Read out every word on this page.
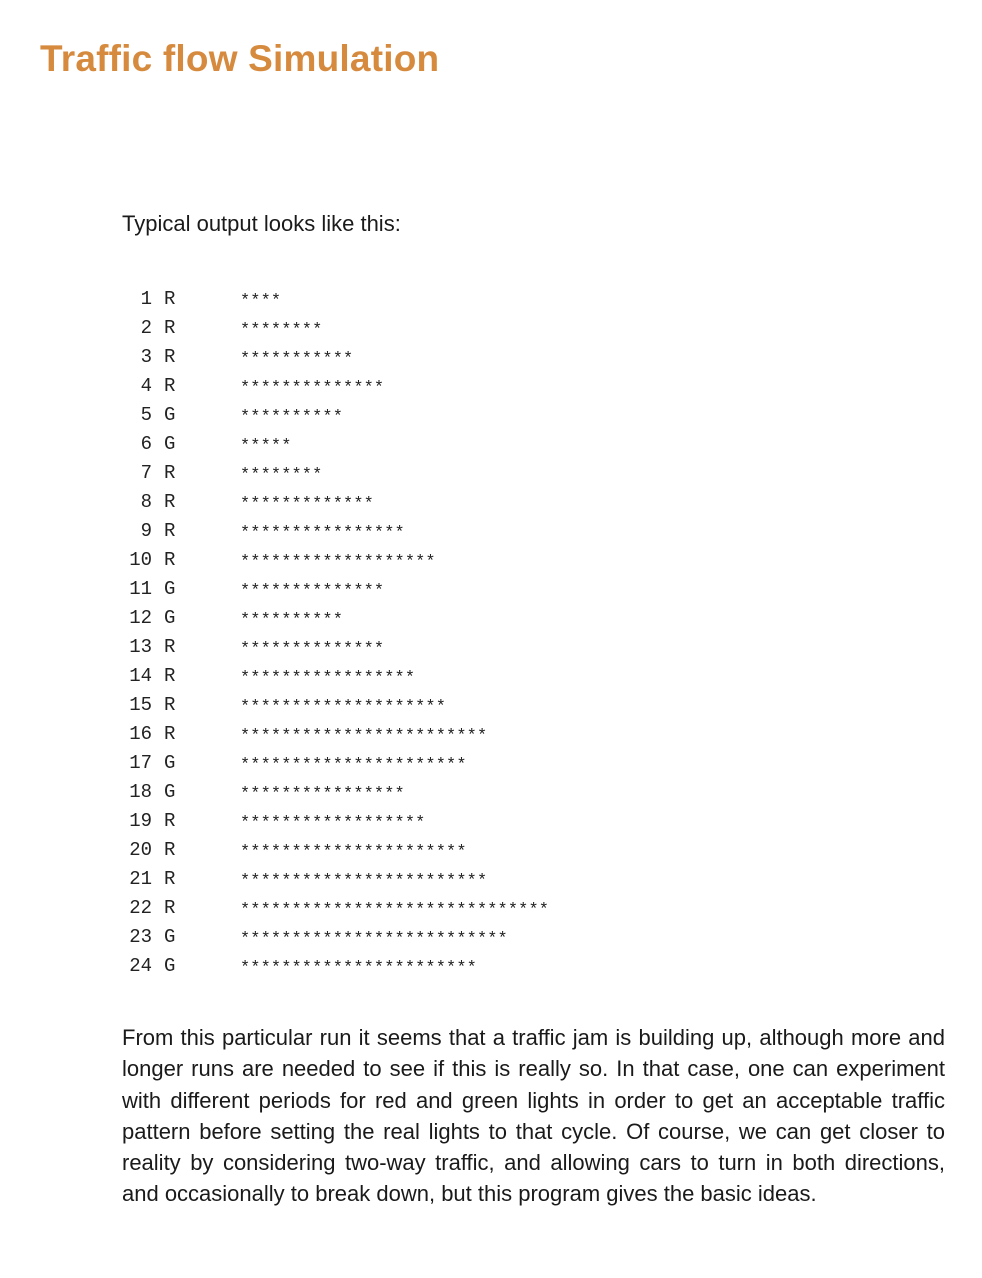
Traffic flow Simulation

Typical output looks like this:

1 R	****
2 R	********
3 R	***********
4 R	**************
5 G	**********
6 G	*****
7 R	********
8 R	*************
9 R	****************
10 R	*******************
11 G	**************
12 G	**********
13 R	**************
14 R	*****************
15 R	********************
16 R	************************
17 G	**********************
18 G	****************
19 R	******************
20 R	**********************
21 R	************************
22 R	******************************
23 G	**************************
24 G	***********************

From this particular run it seems that a traffic jam is building up, although more and longer runs are needed to see if this is really so. In that case, one can experiment with different periods for red and green lights in order to get an acceptable traffic pattern before setting the real lights to that cycle. Of course, we can get closer to reality by considering two-way traffic, and allowing cars to turn in both directions, and occasionally to break down, but this program gives the basic ideas.
